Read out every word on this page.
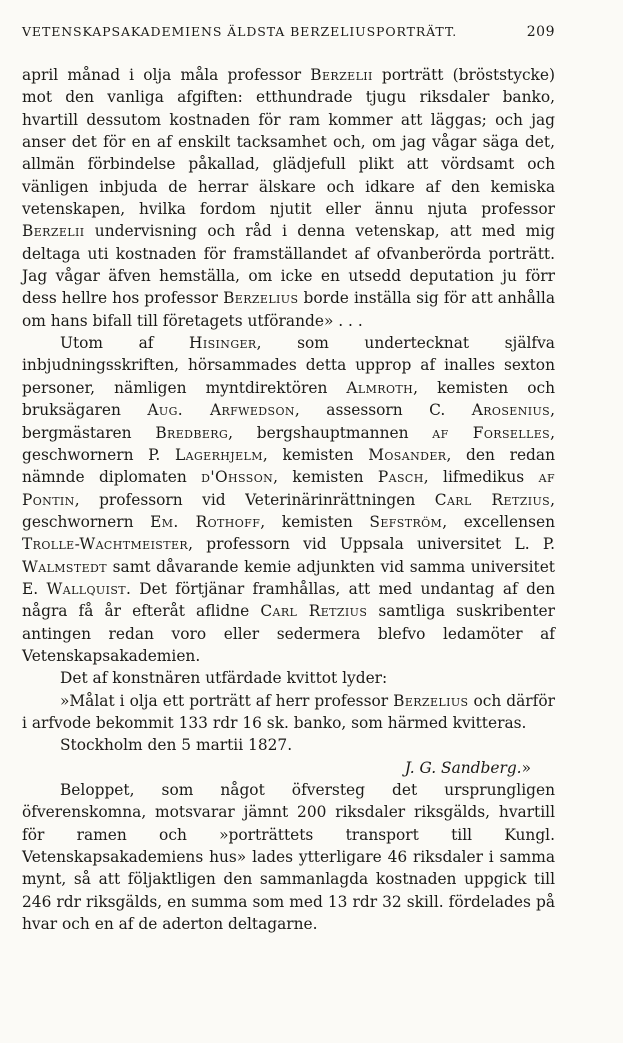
VETENSKAPSAKADEMIENS ÄLDSTA BERZELIUSPORTRÄTT.	209

april månad i olja måla professor Berzelii porträtt (bröststycke) mot den vanliga afgiften: etthundrade tjugu riksdaler banko, hvartill dessutom kostnaden för ram kommer att läggas; och jag anser det för en af enskilt tacksamhet och, om jag vågar säga det, allmän förbindelse påkallad, glädjefull plikt att vördsamt och vänligen inbjuda de herrar älskare och idkare af den kemiska vetenskapen, hvilka fordom njutit eller ännu njuta professor Berzelii undervisning och råd i denna vetenskap, att med mig deltaga uti kostnaden för framställandet af ofvanberörda porträtt. Jag vågar äfven hemställa, om icke en utsedd deputation ju förr dess hellre hos professor Berzelius borde inställa sig för att anhålla om hans bifall till företagets utförande» . . .

Utom af Hisinger, som undertecknat själfva inbjudningsskriften, hörsammades detta upprop af inalles sexton personer, nämligen myntdirektören Almroth, kemisten och bruksägaren Aug. Arfwedson, assessorn C. Arosenius, bergmästaren Bredberg, bergshauptmannen af Forselles, geschwornern P. Lagerhjelm, kemisten Mosander, den redan nämnde diplomaten d'Ohsson, kemisten Pasch, lifmedikus af Pontin, professorn vid Veterinärinrättningen Carl Retzius, geschwornern Em. Rothoff, kemisten Sefström, excellensen Trolle-Wachtmeister, professorn vid Uppsala universitet L. P. Walmstedt samt dåvarande kemie adjunkten vid samma universitet E. Wallquist. Det förtjänar framhållas, att med undantag af den några få år efteråt aflidne Carl Retzius samtliga suskribenter antingen redan voro eller sedermera blefvo ledamöter af Vetenskapsakademien.

Det af konstnären utfärdade kvittot lyder:

»Målat i olja ett porträtt af herr professor Berzelius och därför i arfvode bekommit 133 rdr 16 sk. banko, som härmed kvitteras.

Stockholm den 5 martii 1827.

J. G. Sandberg.»

Beloppet, som något öfversteg det ursprungligen öfverenskomna, motsvarar jämnt 200 riksdaler riksgälds, hvartill för ramen och »porträttets transport till Kungl. Vetenskapsakademiens hus» lades ytterligare 46 riksdaler i samma mynt, så att följaktligen den sammanlagda kostnaden uppgick till 246 rdr riksgälds, en summa som med 13 rdr 32 skill. fördelades på hvar och en af de aderton deltagarne.
